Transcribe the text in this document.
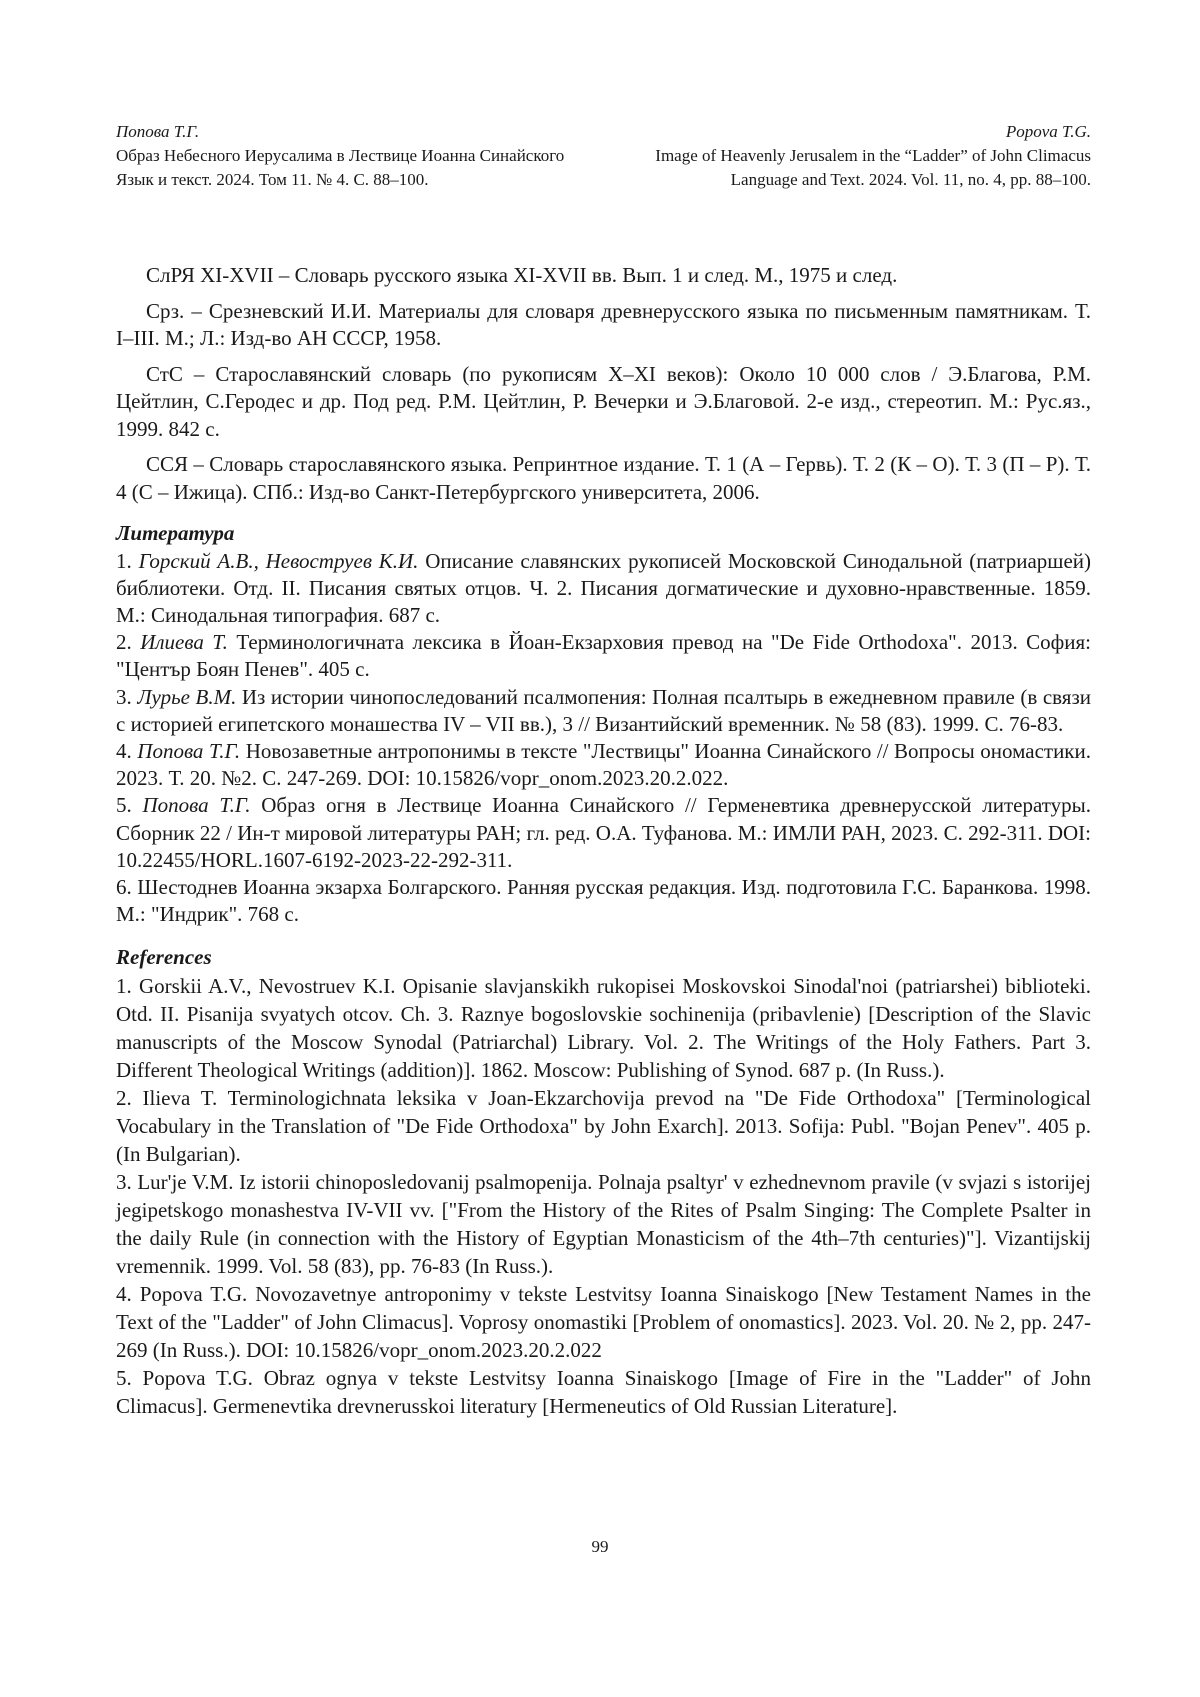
Попова Т.Г.
Образ Небесного Иерусалима в Лествице Иоанна Синайского
Язык и текст. 2024. Том 11. № 4. С. 88–100.
Popova T.G.
Image of Heavenly Jerusalem in the “Ladder” of John Climacus
Language and Text. 2024. Vol. 11, no. 4, pp. 88–100.

СлРЯ XI-XVII – Словарь русского языка XI-XVII вв. Вып. 1 и след. М., 1975 и след.

Срз. – Срезневский И.И. Материалы для словаря древнерусского языка по письменным памятникам. Т. I–III. М.; Л.: Изд-во АН СССР, 1958.

СтС – Старославянский словарь (по рукописям X–XI веков): Около 10 000 слов / Э.Благова, Р.М. Цейтлин, С.Геродес и др. Под ред. Р.М. Цейтлин, Р. Вечерки и Э.Благовой. 2-е изд., стереотип. М.: Рус.яз., 1999. 842 с.

ССЯ – Словарь старославянского языка. Репринтное издание. Т. 1 (А – Гервь). Т. 2 (К – О). Т. 3 (П – Р). Т. 4 (С – Ижица). СПб.: Изд-во Санкт-Петербургского университета, 2006.

Литература

1. Горский А.В., Невоструев К.И. Описание славянских рукописей Московской Синодальной (патриаршей) библиотеки. Отд. II. Писания святых отцов. Ч. 2. Писания догматические и духовно-нравственные. 1859. М.: Синодальная типография. 687 с.

2. Илиева Т. Терминологичната лексика в Йоан-Екзарховия превод на "De Fide Orthodoxa". 2013. София: "Център Боян Пенев". 405 с.

3. Лурье В.М. Из истории чинопоследований псалмопения: Полная псалтырь в ежедневном правиле (в связи с историей египетского монашества IV – VII вв.), 3 // Византийский временник. № 58 (83). 1999. С. 76-83.

4. Попова Т.Г. Новозаветные антропонимы в тексте "Лествицы" Иоанна Синайского // Вопросы ономастики. 2023. Т. 20. №2. С. 247-269. DOI: 10.15826/vopr_onom.2023.20.2.022.

5. Попова Т.Г. Образ огня в Лествице Иоанна Синайского // Герменевтика древнерусской литературы. Сборник 22 / Ин-т мировой литературы РАН; гл. ред. О.А. Туфанова. М.: ИМЛИ РАН, 2023. С. 292-311. DOI: 10.22455/HORL.1607-6192-2023-22-292-311.

6. Шестоднев Иоанна экзарха Болгарского. Ранняя русская редакция. Изд. подготовила Г.С. Баранкова. 1998. М.: "Индрик". 768 с.

References

1. Gorskii A.V., Nevostruev K.I. Opisanie slavjanskikh rukopisei Moskovskoi Sinodal'noi (patriarshei) biblioteki. Otd. II. Pisanija svyatych otcov. Ch. 3. Raznye bogoslovskie sochinenija (pribavlenie) [Description of the Slavic manuscripts of the Moscow Synodal (Patriarchal) Library. Vol. 2. The Writings of the Holy Fathers. Part 3. Different Theological Writings (addition)]. 1862. Moscow: Publishing of Synod. 687 p. (In Russ.).

2. Ilieva T. Terminologichnata leksika v Joan-Ekzarchovija prevod na "De Fide Orthodoxa" [Terminological Vocabulary in the Translation of "De Fide Orthodoxa" by John Exarch]. 2013. Sofija: Publ. "Bojan Penev". 405 p. (In Bulgarian).

3. Lur'je V.M. Iz istorii chinoposledovanij psalmopenija. Polnaja psaltyr' v ezhednevnom pravile (v svjazi s istorijej jegipetskogo monashestva IV-VII vv. ["From the History of the Rites of Psalm Singing: The Complete Psalter in the daily Rule (in connection with the History of Egyptian Monasticism of the 4th–7th centuries)"]. Vizantijskij vremennik. 1999. Vol. 58 (83), pp. 76-83 (In Russ.).

4. Popova T.G. Novozavetnye antroponimy v tekste Lestvitsy Ioanna Sinaiskogo [New Testament Names in the Text of the "Ladder" of John Climacus]. Voprosy onomastiki [Problem of onomastics]. 2023. Vol. 20. № 2, pp. 247-269 (In Russ.). DOI: 10.15826/vopr_onom.2023.20.2.022

5. Popova T.G. Obraz ognya v tekste Lestvitsy Ioanna Sinaiskogo [Image of Fire in the "Ladder" of John Climacus]. Germenevtika drevnerusskoi literatury [Hermeneutics of Old Russian Literature].

99
